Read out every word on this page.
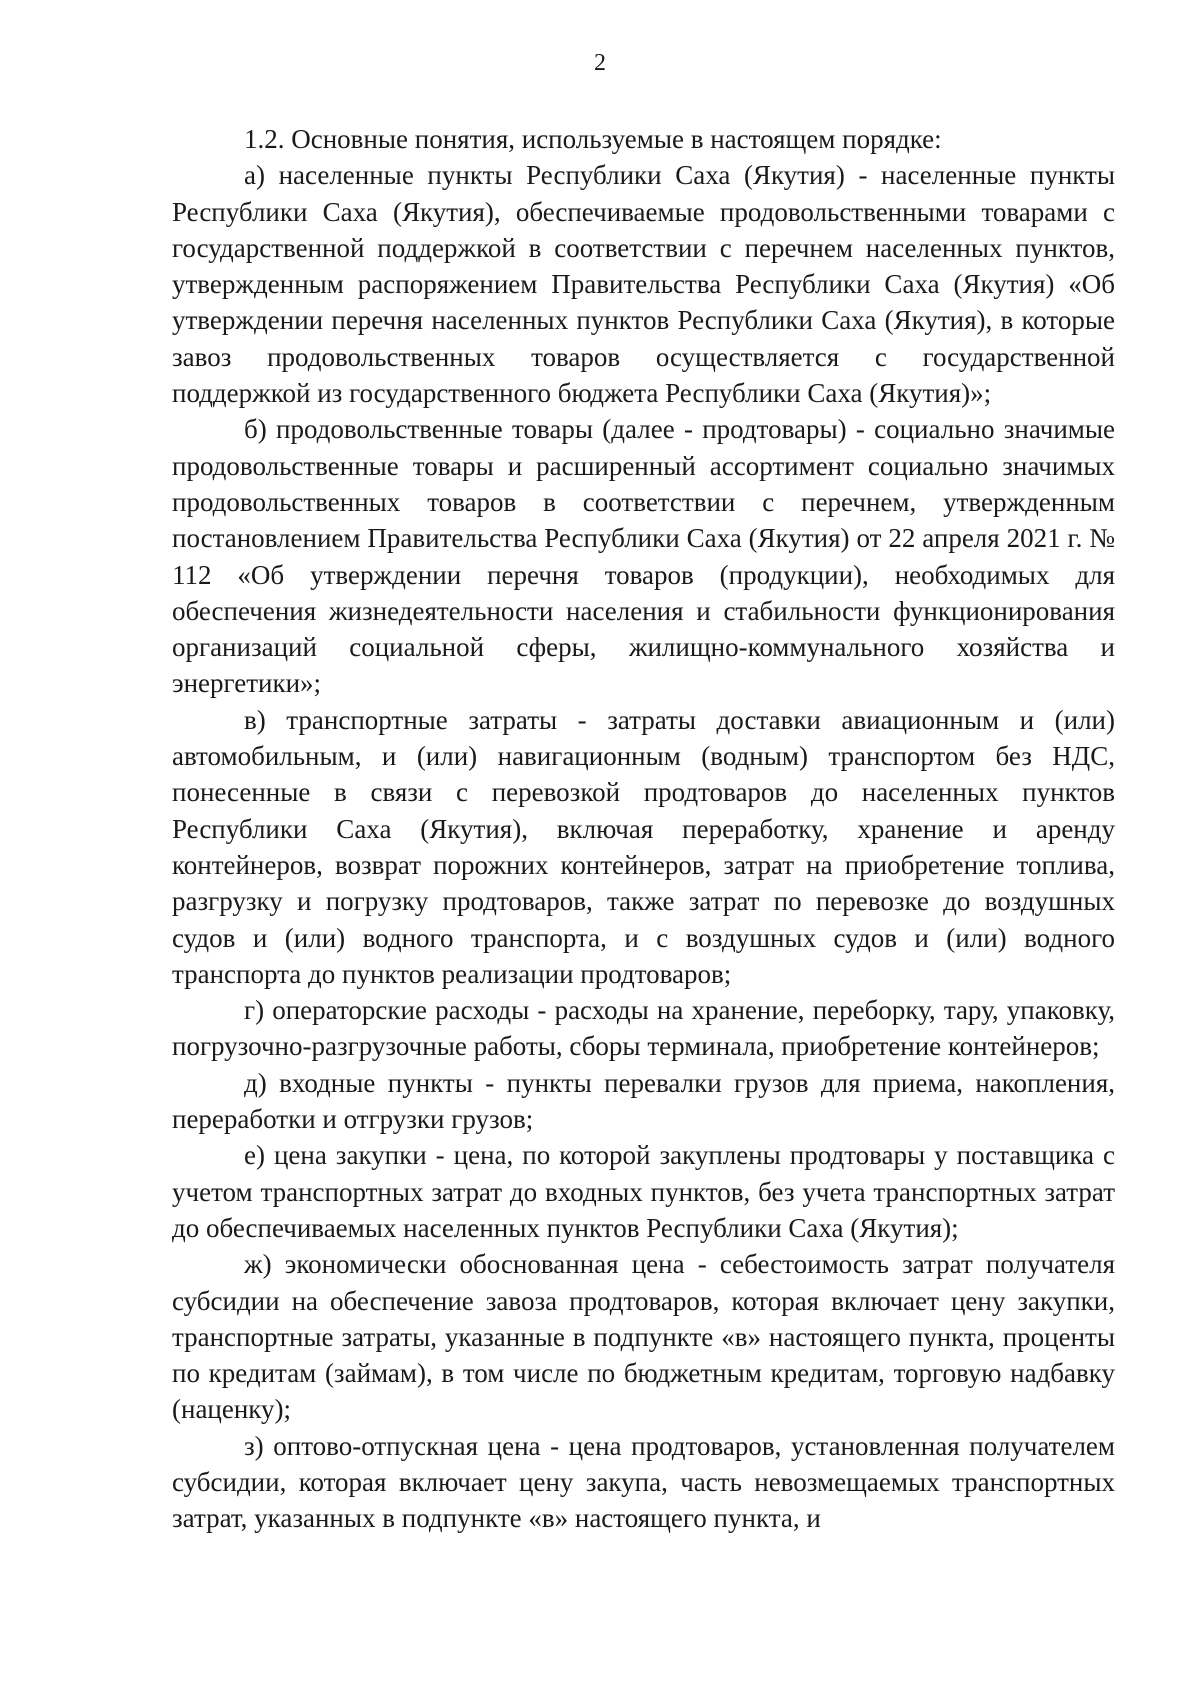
2

1.2. Основные понятия, используемые в настоящем порядке:

а) населенные пункты Республики Саха (Якутия) - населенные пункты Республики Саха (Якутия), обеспечиваемые продовольственными товарами с государственной поддержкой в соответствии с перечнем населенных пунктов, утвержденным распоряжением Правительства Республики Саха (Якутия) «Об утверждении перечня населенных пунктов Республики Саха (Якутия), в которые завоз продовольственных товаров осуществляется с государственной поддержкой из государственного бюджета Республики Саха (Якутия)»;

б) продовольственные товары (далее - продтовары) - социально значимые продовольственные товары и расширенный ассортимент социально значимых продовольственных товаров в соответствии с перечнем, утвержденным постановлением Правительства Республики Саха (Якутия) от 22 апреля 2021 г. № 112 «Об утверждении перечня товаров (продукции), необходимых для обеспечения жизнедеятельности населения и стабильности функционирования организаций социальной сферы, жилищно-коммунального хозяйства и энергетики»;

в) транспортные затраты - затраты доставки авиационным и (или) автомобильным, и (или) навигационным (водным) транспортом без НДС, понесенные в связи с перевозкой продтоваров до населенных пунктов Республики Саха (Якутия), включая переработку, хранение и аренду контейнеров, возврат порожних контейнеров, затрат на приобретение топлива, разгрузку и погрузку продтоваров, также затрат по перевозке до воздушных судов и (или) водного транспорта, и с воздушных судов и (или) водного транспорта до пунктов реализации продтоваров;

г) операторские расходы - расходы на хранение, переборку, тару, упаковку, погрузочно-разгрузочные работы, сборы терминала, приобретение контейнеров;

д) входные пункты - пункты перевалки грузов для приема, накопления, переработки и отгрузки грузов;

е) цена закупки - цена, по которой закуплены продтовары у поставщика с учетом транспортных затрат до входных пунктов, без учета транспортных затрат до обеспечиваемых населенных пунктов Республики Саха (Якутия);

ж) экономически обоснованная цена - себестоимость затрат получателя субсидии на обеспечение завоза продтоваров, которая включает цену закупки, транспортные затраты, указанные в подпункте «в» настоящего пункта, проценты по кредитам (займам), в том числе по бюджетным кредитам, торговую надбавку (наценку);

з) оптово-отпускная цена - цена продтоваров, установленная получателем субсидии, которая включает цену закупа, часть невозмещаемых транспортных затрат, указанных в подпункте «в» настоящего пункта, и
